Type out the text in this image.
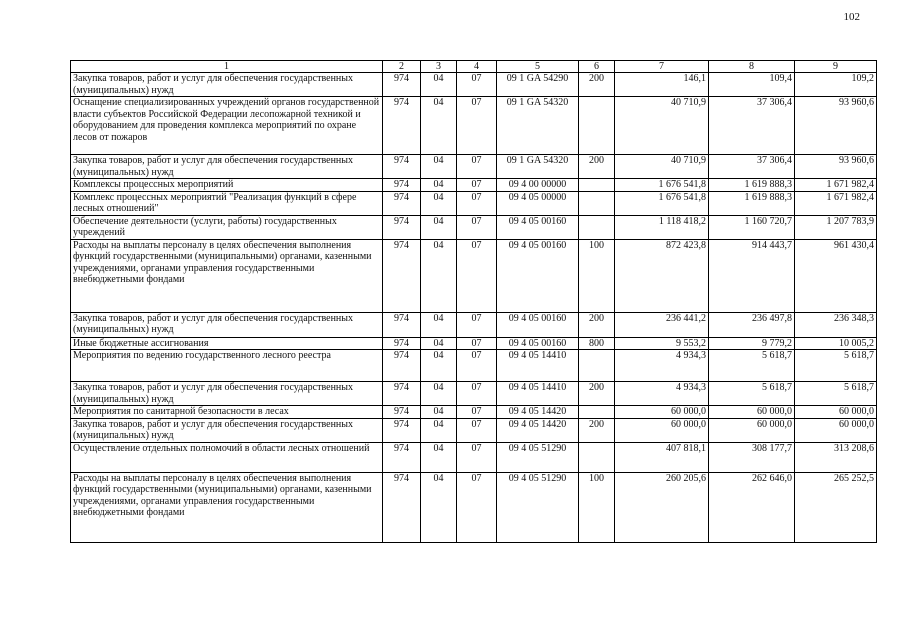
102
1	2	3	4	5	6	7	8	9
Закупка товаров, работ и услуг для обеспечения государственных (муниципальных) нужд	974	04	07	09 1 GA 54290	200	146,1	109,4	109,2
Оснащение специализированных учреждений органов государственной власти субъектов Российской Федерации лесопожарной техникой и оборудованием для проведения комплекса мероприятий по охране лесов от пожаров	974	04	07	09 1 GA 54320		40 710,9	37 306,4	93 960,6
Закупка товаров, работ и услуг для обеспечения государственных (муниципальных) нужд	974	04	07	09 1 GA 54320	200	40 710,9	37 306,4	93 960,6
Комплексы процессных мероприятий	974	04	07	09 4 00 00000		1 676 541,8	1 619 888,3	1 671 982,4
Комплекс процессных мероприятий "Реализация функций в сфере лесных отношений"	974	04	07	09 4 05 00000		1 676 541,8	1 619 888,3	1 671 982,4
Обеспечение деятельности (услуги, работы) государственных учреждений	974	04	07	09 4 05 00160		1 118 418,2	1 160 720,7	1 207 783,9
Расходы на выплаты персоналу в целях обеспечения выполнения функций государственными (муниципальными) органами, казенными учреждениями, органами управления государственными внебюджетными фондами	974	04	07	09 4 05 00160	100	872 423,8	914 443,7	961 430,4
Закупка товаров, работ и услуг для обеспечения государственных (муниципальных) нужд	974	04	07	09 4 05 00160	200	236 441,2	236 497,8	236 348,3
Иные бюджетные ассигнования	974	04	07	09 4 05 00160	800	9 553,2	9 779,2	10 005,2
Мероприятия по ведению государственного лесного реестра	974	04	07	09 4 05 14410		4 934,3	5 618,7	5 618,7
Закупка товаров, работ и услуг для обеспечения государственных (муниципальных) нужд	974	04	07	09 4 05 14410	200	4 934,3	5 618,7	5 618,7
Мероприятия по санитарной безопасности в лесах	974	04	07	09 4 05 14420		60 000,0	60 000,0	60 000,0
Закупка товаров, работ и услуг для обеспечения государственных (муниципальных) нужд	974	04	07	09 4 05 14420	200	60 000,0	60 000,0	60 000,0
Осуществление отдельных полномочий в области лесных отношений	974	04	07	09 4 05 51290		407 818,1	308 177,7	313 208,6
Расходы на выплаты персоналу в целях обеспечения выполнения функций государственными (муниципальными) органами, казенными учреждениями, органами управления государственными внебюджетными фондами	974	04	07	09 4 05 51290	100	260 205,6	262 646,0	265 252,5
